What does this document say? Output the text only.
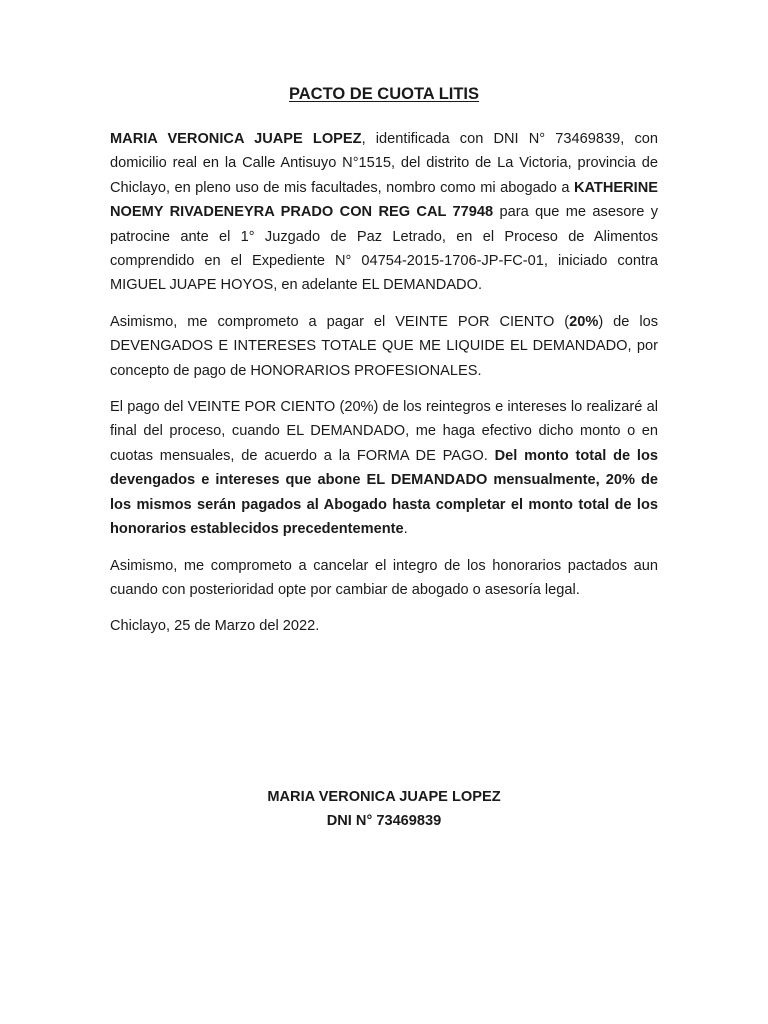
PACTO DE CUOTA LITIS

MARIA VERONICA JUAPE LOPEZ, identificada con DNI N° 73469839, con domicilio real en la Calle Antisuyo N°1515, del distrito de La Victoria, provincia de Chiclayo, en pleno uso de mis facultades, nombro como mi abogado a KATHERINE NOEMY RIVADENEYRA PRADO CON REG CAL 77948 para que me asesore y patrocine ante el 1° Juzgado de Paz Letrado, en el Proceso de Alimentos comprendido en el Expediente N° 04754-2015-1706-JP-FC-01, iniciado contra MIGUEL JUAPE HOYOS, en adelante EL DEMANDADO.

Asimismo, me comprometo a pagar el VEINTE POR CIENTO (20%) de los DEVENGADOS E INTERESES TOTALE QUE ME LIQUIDE EL DEMANDADO, por concepto de pago de HONORARIOS PROFESIONALES.

El pago del VEINTE POR CIENTO (20%) de los reintegros e intereses lo realizaré al final del proceso, cuando EL DEMANDADO, me haga efectivo dicho monto o en cuotas mensuales, de acuerdo a la FORMA DE PAGO. Del monto total de los devengados e intereses que abone EL DEMANDADO mensualmente, 20% de los mismos serán pagados al Abogado hasta completar el monto total de los honorarios establecidos precedentemente.

Asimismo, me comprometo a cancelar el integro de los honorarios pactados aun cuando con posterioridad opte por cambiar de abogado o asesoría legal.

Chiclayo, 25 de Marzo del 2022.

MARIA VERONICA JUAPE LOPEZ
DNI N° 73469839
